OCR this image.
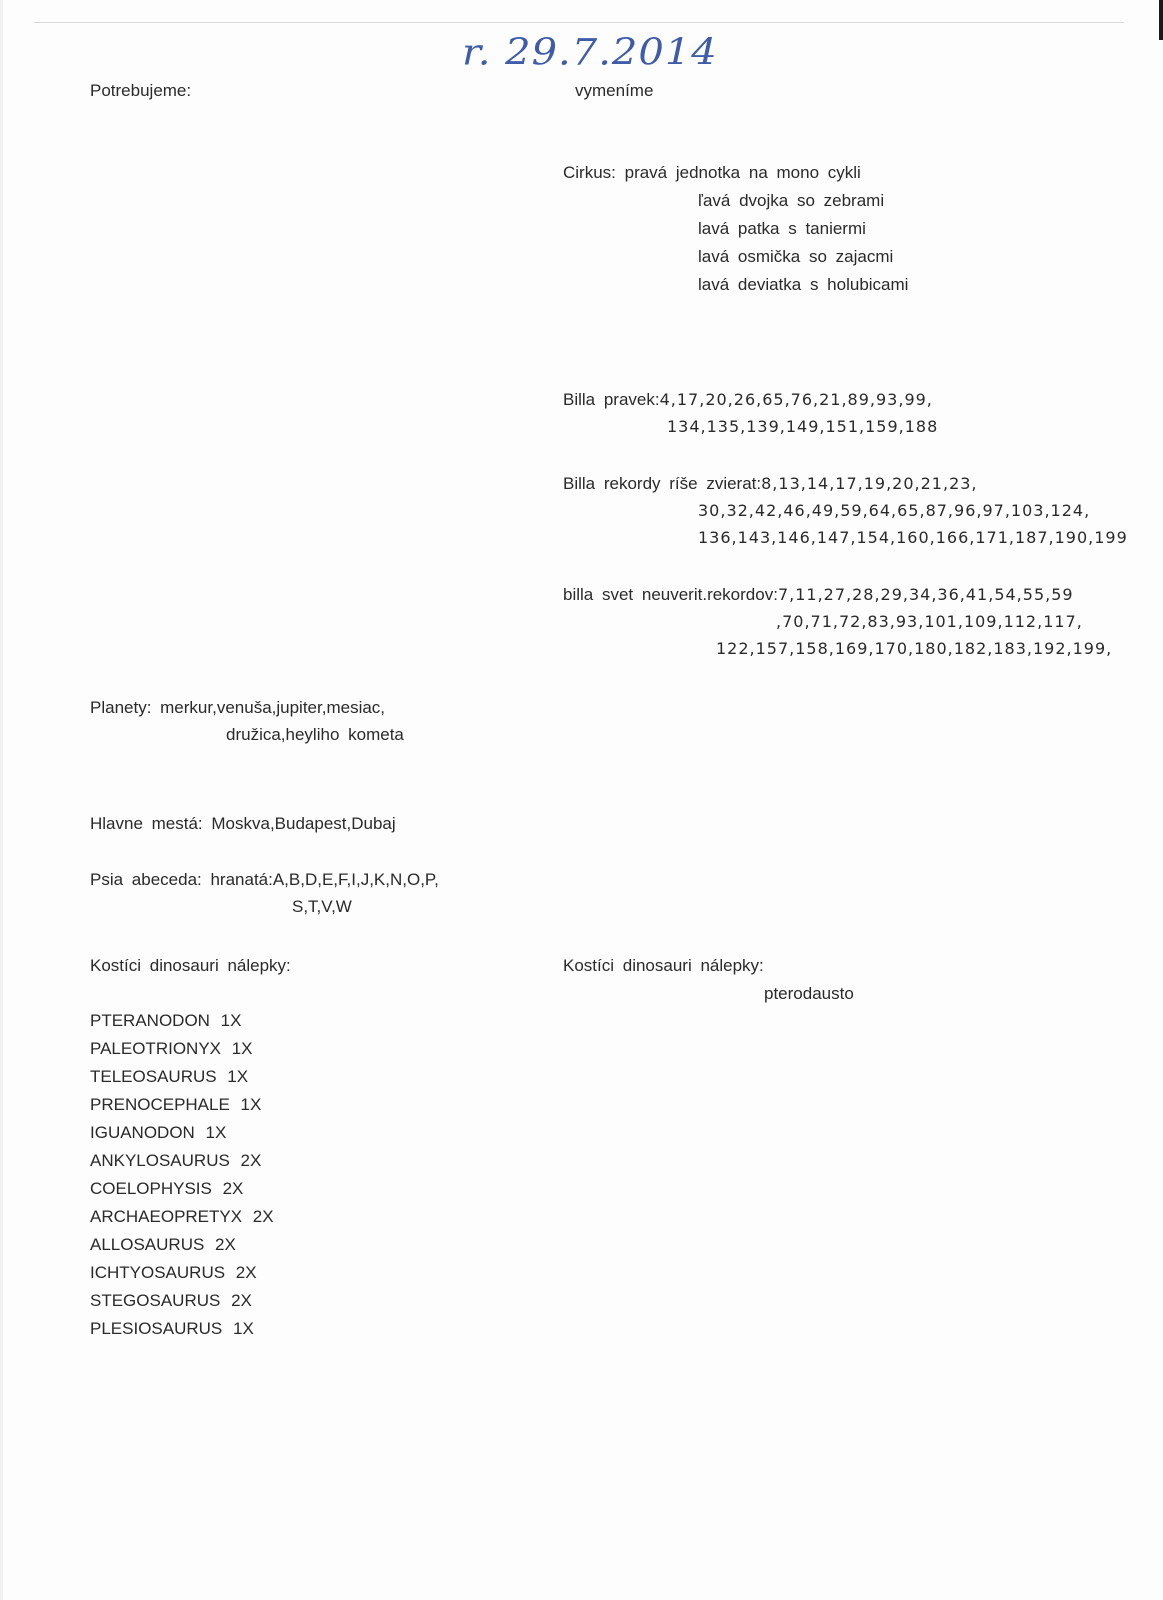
r. 29.7.2014
Potrebujeme:	vymeníme
Cirkus: pravá jednotka na mono cykli
ľavá dvojka so zebrami
lavá patka s taniermi
lavá osmička so zajacmi
lavá deviatka s holubicami
Billa pravek:4,17,20,26,65,76,21,89,93,99,
134,135,139,149,151,159,188
Billa rekordy ríše zvierat:8,13,14,17,19,20,21,23,
30,32,42,46,49,59,64,65,87,96,97,103,124,
136,143,146,147,154,160,166,171,187,190,199
billa svet neuverit.rekordov:7,11,27,28,29,34,36,41,54,55,59
,70,71,72,83,93,101,109,112,117,
122,157,158,169,170,180,182,183,192,199,
Planety: merkur,venuša,jupiter,mesiac,
družica,heyliho kometa
Hlavne mestá: Moskva,Budapest,Dubaj
Psia abeceda: hranatá:A,B,D,E,F,I,J,K,N,O,P,
S,T,V,W
Kostíci dinosauri nálepky:
PTERANODON 1X
PALEOTRIONYX 1X
TELEOSAURUS 1X
PRENOCEPHALE 1X
IGUANODON 1X
ANKYLOSAURUS 2X
COELOPHYSIS 2X
ARCHAEOPRETYX 2X
ALLOSAURUS 2X
ICHTYOSAURUS 2X
STEGOSAURUS 2X
PLESIOSAURUS 1X
Kostíci dinosauri nálepky:
pterodausto
